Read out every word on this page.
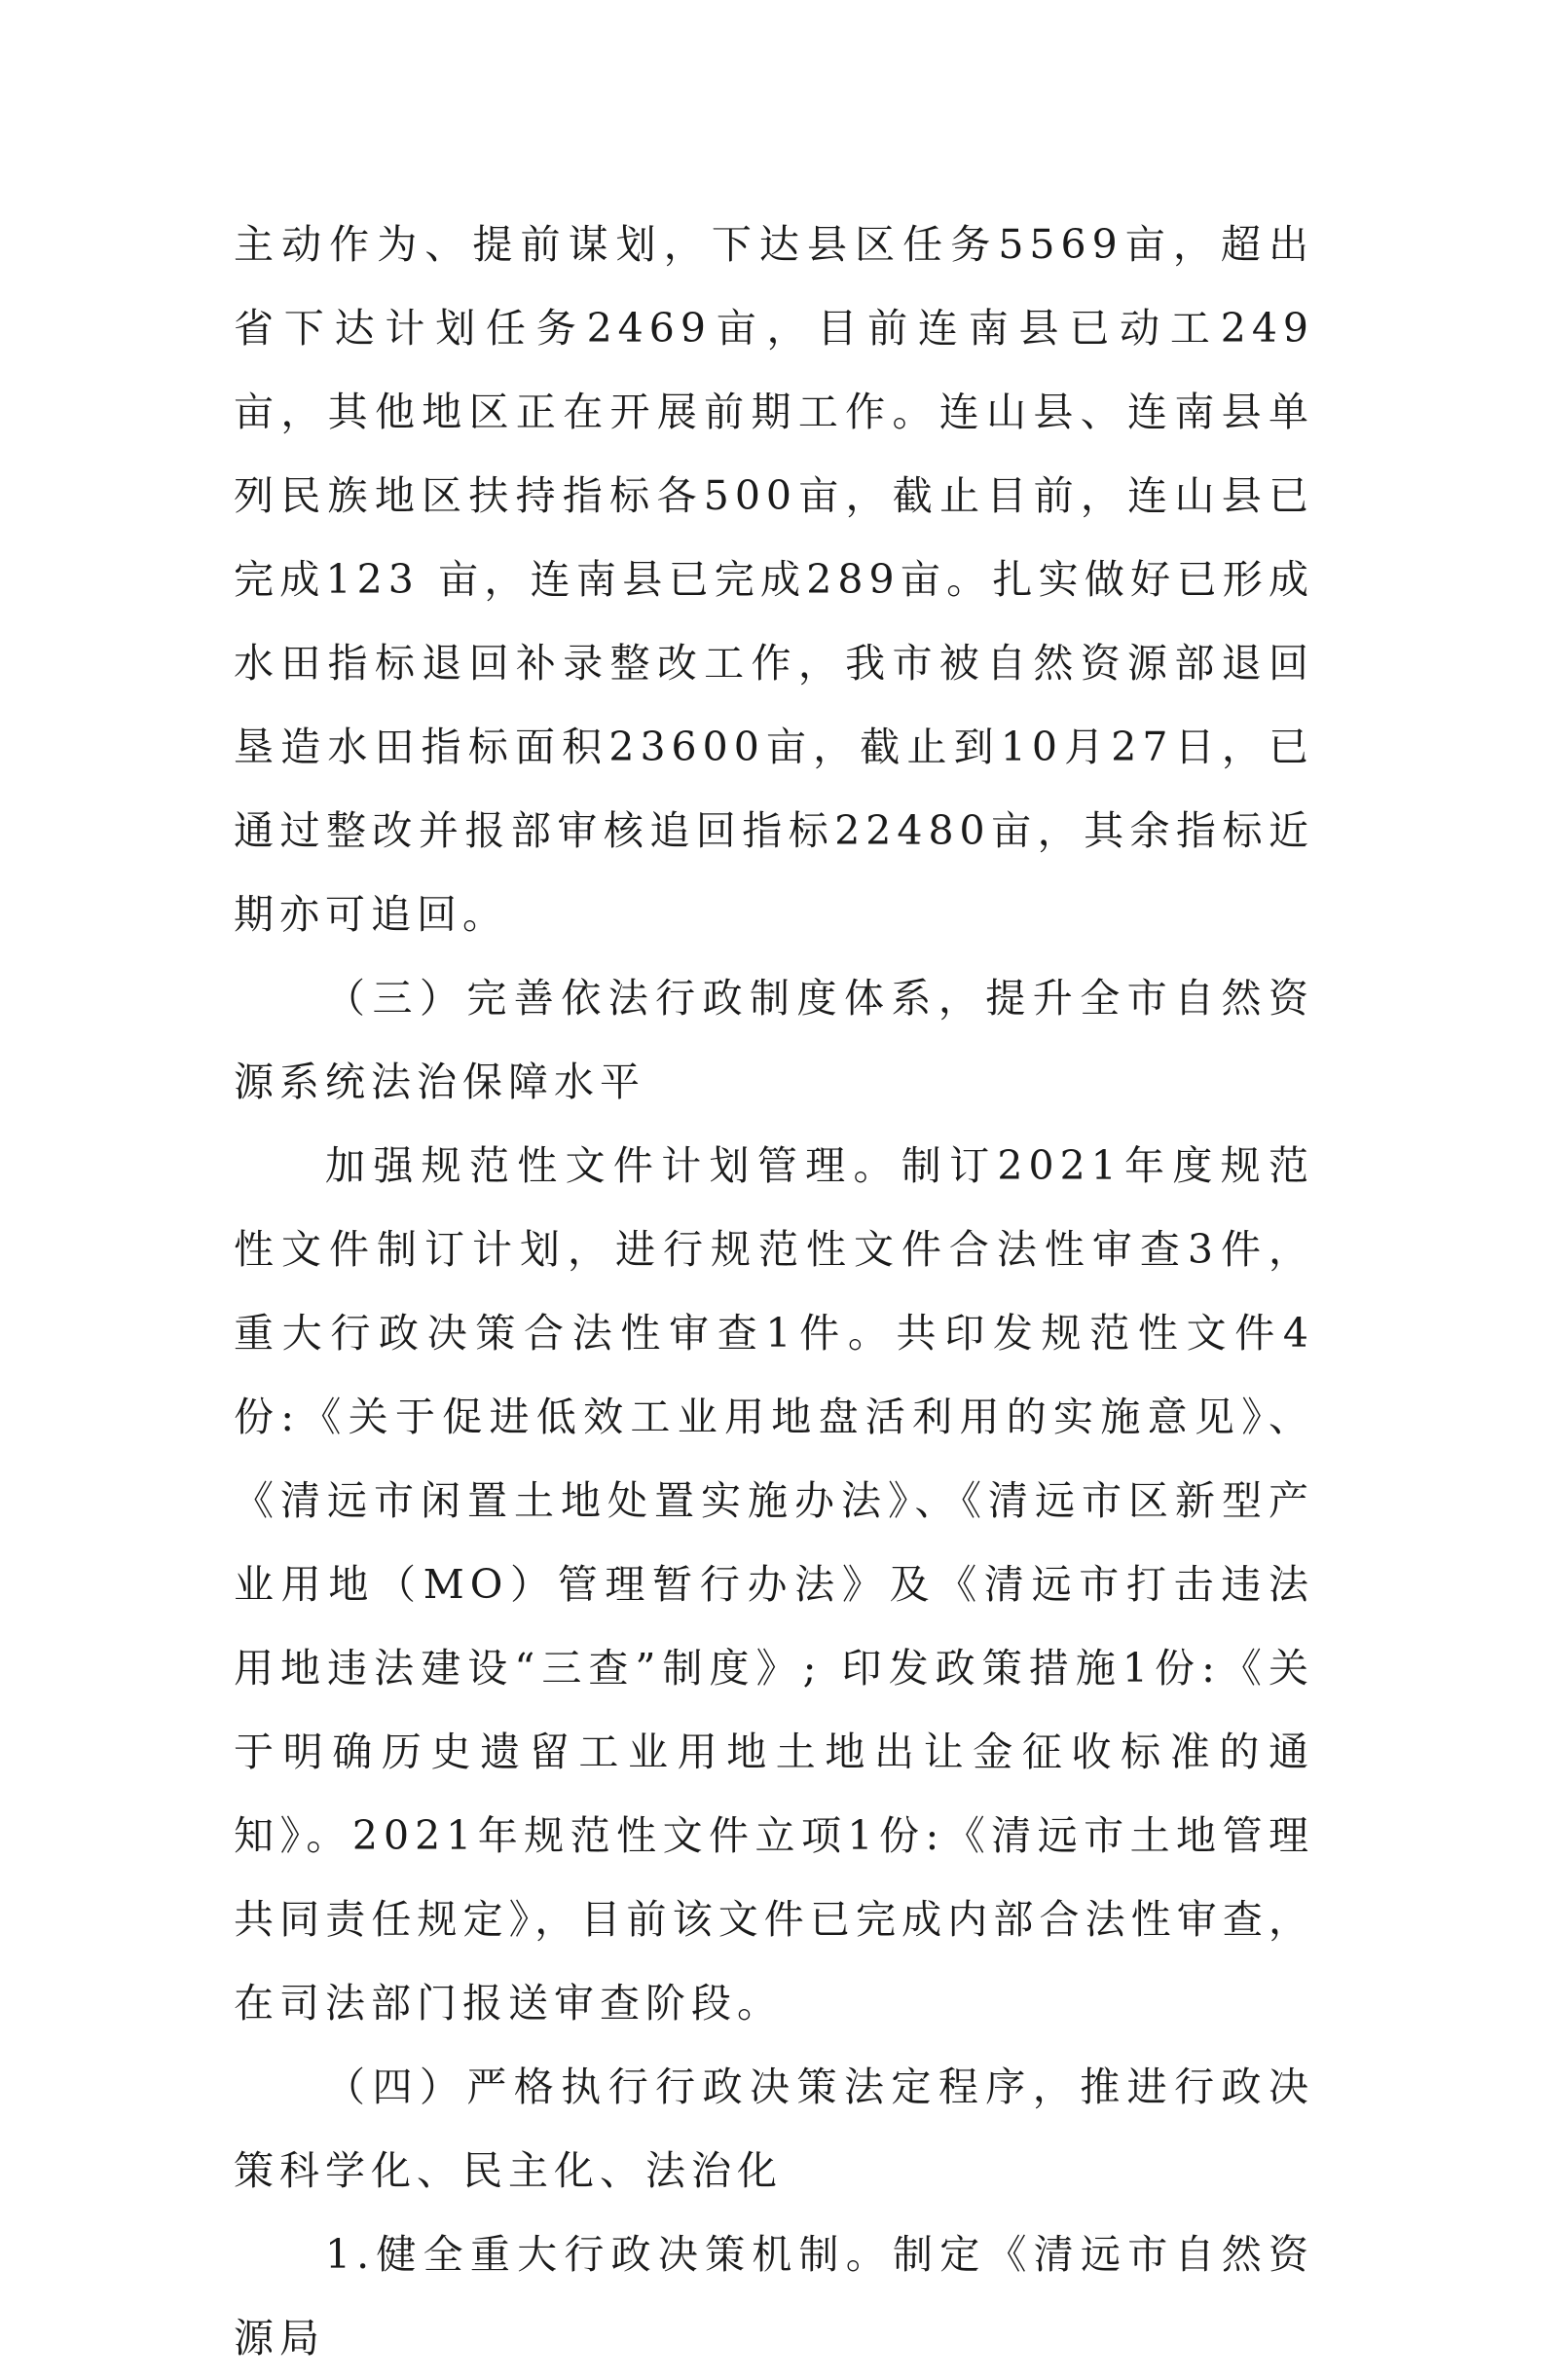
主动作为、提前谋划，下达县区任务5569亩，超出省下达计划任务2469亩，目前连南县已动工249亩，其他地区正在开展前期工作。连山县、连南县单列民族地区扶持指标各500亩，截止目前，连山县已完成123 亩，连南县已完成289亩。扎实做好已形成水田指标退回补录整改工作，我市被自然资源部退回垦造水田指标面积23600亩，截止到10月27日，已通过整改并报部审核追回指标22480亩，其余指标近期亦可追回。

（三）完善依法行政制度体系，提升全市自然资源系统法治保障水平

加强规范性文件计划管理。制订2021年度规范性文件制订计划，进行规范性文件合法性审查3件，重大行政决策合法性审查1件。共印发规范性文件4份:《关于促进低效工业用地盘活利用的实施意见》、《清远市闲置土地处置实施办法》、《清远市区新型产业用地（MO）管理暂行办法》及《清远市打击违法用地违法建设“三查”制度》; 印发政策措施1份:《关于明确历史遗留工业用地土地出让金征收标准的通知》。2021年规范性文件立项1份:《清远市土地管理共同责任规定》，目前该文件已完成内部合法性审查，在司法部门报送审查阶段。

（四）严格执行行政决策法定程序，推进行政决策科学化、民主化、法治化

1.健全重大行政决策机制。制定《清远市自然资源局
